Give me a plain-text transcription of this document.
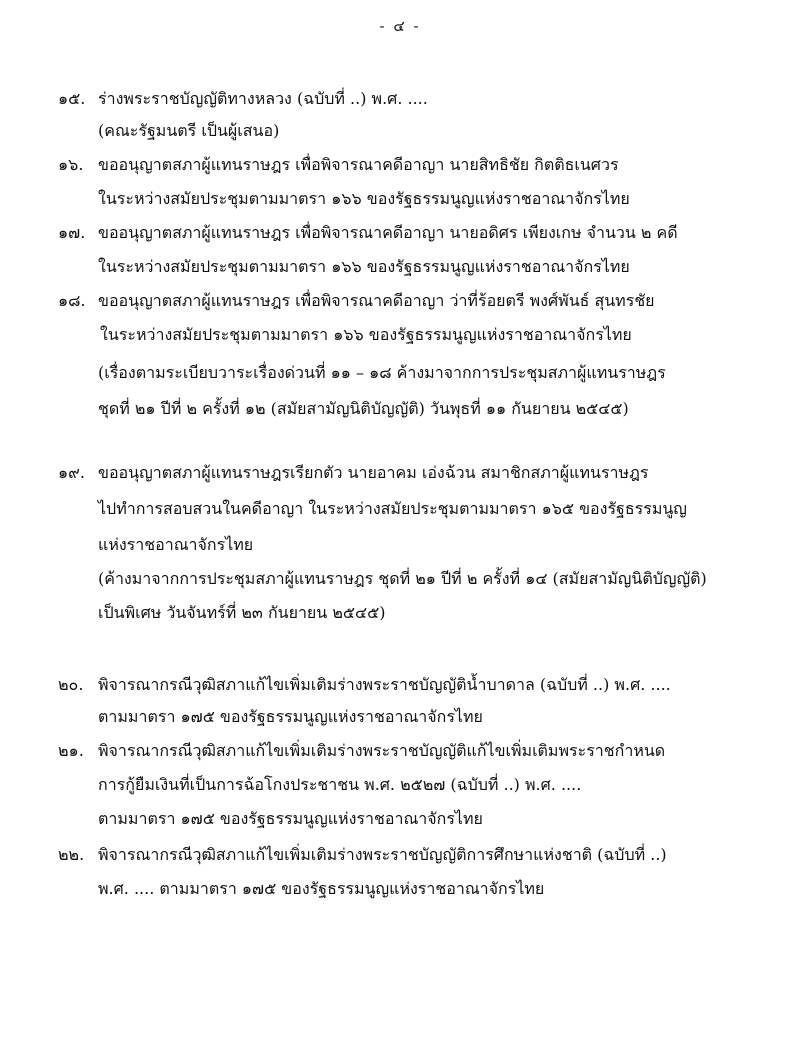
- ๔ -
๑๕. ร่างพระราชบัญญัติทางหลวง (ฉบับที่ ..) พ.ศ. ....
(คณะรัฐมนตรี เป็นผู้เสนอ)
๑๖. ขออนุญาตสภาผู้แทนราษฎร เพื่อพิจารณาคดีอาญา นายสิทธิชัย กิตติธเนศวร
ในระหว่างสมัยประชุมตามมาตรา ๑๖๖ ของรัฐธรรมนูญแห่งราชอาณาจักรไทย
๑๗. ขออนุญาตสภาผู้แทนราษฎร เพื่อพิจารณาคดีอาญา นายอดิศร เพียงเกษ จำนวน ๒ คดี
ในระหว่างสมัยประชุมตามมาตรา ๑๖๖ ของรัฐธรรมนูญแห่งราชอาณาจักรไทย
๑๘. ขออนุญาตสภาผู้แทนราษฎร เพื่อพิจารณาคดีอาญา ว่าที่ร้อยตรี พงศ์พันธ์ สุนทรชัย
ในระหว่างสมัยประชุมตามมาตรา ๑๖๖ ของรัฐธรรมนูญแห่งราชอาณาจักรไทย
(เรื่องตามระเบียบวาระเรื่องด่วนที่ ๑๑ – ๑๘ ค้างมาจากการประชุมสภาผู้แทนราษฎร
ชุดที่ ๒๑ ปีที่ ๒ ครั้งที่ ๑๒ (สมัยสามัญนิติบัญญัติ) วันพุธที่ ๑๑ กันยายน ๒๕๔๕)
๑๙. ขออนุญาตสภาผู้แทนราษฎรเรียกตัว นายอาคม เอ่งฉ้วน สมาชิกสภาผู้แทนราษฎร
ไปทำการสอบสวนในคดีอาญา ในระหว่างสมัยประชุมตามมาตรา ๑๖๕ ของรัฐธรรมนูญ
แห่งราชอาณาจักรไทย
(ค้างมาจากการประชุมสภาผู้แทนราษฎร ชุดที่ ๒๑ ปีที่ ๒ ครั้งที่ ๑๔ (สมัยสามัญนิติบัญญัติ)
เป็นพิเศษ วันจันทร์ที่ ๒๓ กันยายน ๒๕๔๕)
๒๐. พิจารณากรณีวุฒิสภาแก้ไขเพิ่มเติมร่างพระราชบัญญัติน้ำบาดาล (ฉบับที่ ..) พ.ศ. ....
ตามมาตรา ๑๗๕ ของรัฐธรรมนูญแห่งราชอาณาจักรไทย
๒๑. พิจารณากรณีวุฒิสภาแก้ไขเพิ่มเติมร่างพระราชบัญญัติแก้ไขเพิ่มเติมพระราชกำหนด
การกู้ยืมเงินที่เป็นการฉ้อโกงประชาชน พ.ศ. ๒๕๒๗ (ฉบับที่ ..) พ.ศ. ....
ตามมาตรา ๑๗๕ ของรัฐธรรมนูญแห่งราชอาณาจักรไทย
๒๒. พิจารณากรณีวุฒิสภาแก้ไขเพิ่มเติมร่างพระราชบัญญัติการศึกษาแห่งชาติ (ฉบับที่ ..)
พ.ศ. .... ตามมาตรา ๑๗๕ ของรัฐธรรมนูญแห่งราชอาณาจักรไทย
